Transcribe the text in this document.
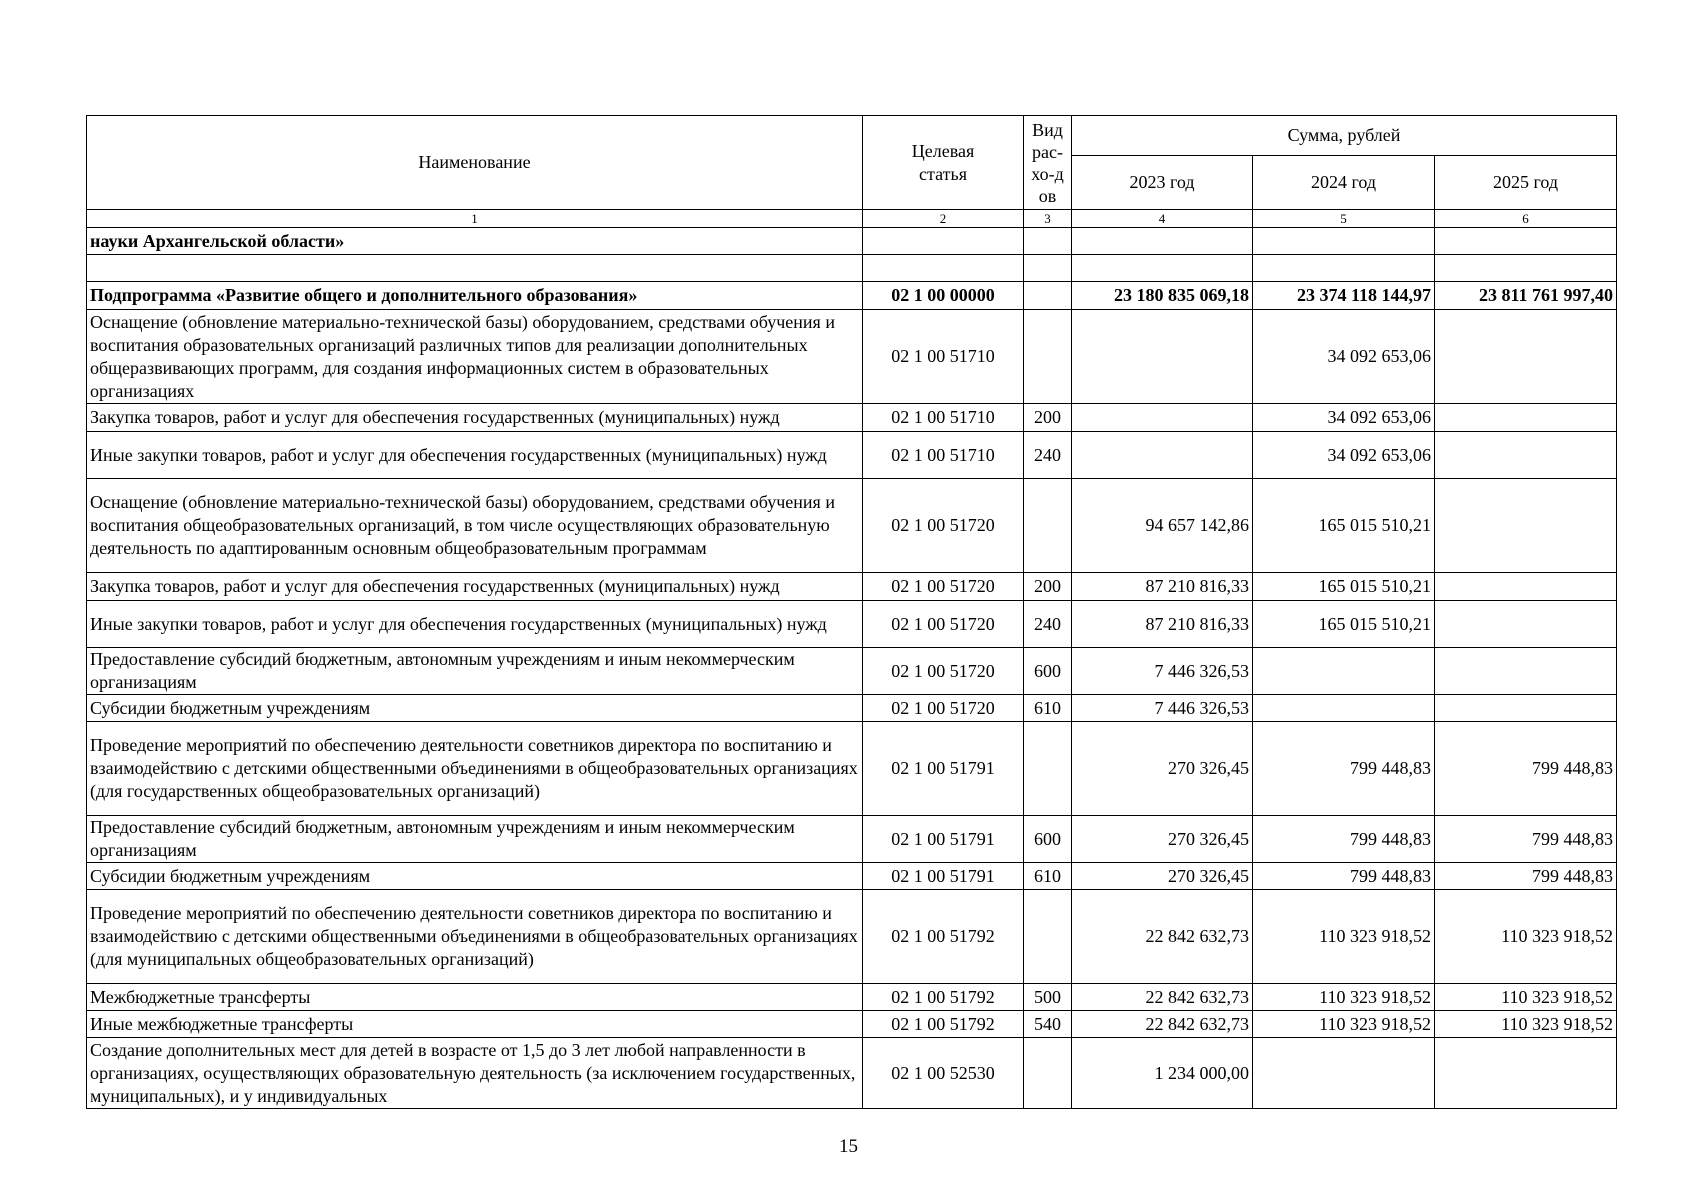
Наименование	Целевая статья	Вид рас-хо-дов	Сумма, рублей		
			2023 год	2024 год	2025 год
1	2	3	4	5	6
науки Архангельской области»					

Подпрограмма «Развитие общего и дополнительного образования»	02 1 00 00000		23 180 835 069,18	23 374 118 144,97	23 811 761 997,40
Оснащение (обновление материально-технической базы) оборудованием, средствами обучения и воспитания образовательных организаций различных типов для реализации дополнительных общеразвивающих программ, для создания информационных систем в образовательных организациях	02 1 00 51710			34 092 653,06	
Закупка товаров, работ и услуг для обеспечения государственных (муниципальных) нужд	02 1 00 51710	200		34 092 653,06	
Иные закупки товаров, работ и услуг для обеспечения государственных (муниципальных) нужд	02 1 00 51710	240		34 092 653,06	
Оснащение (обновление материально-технической базы) оборудованием, средствами обучения и воспитания общеобразовательных организаций, в том числе осуществляющих образовательную деятельность по адаптированным основным общеобразовательным программам	02 1 00 51720		94 657 142,86	165 015 510,21	
Закупка товаров, работ и услуг для обеспечения государственных (муниципальных) нужд	02 1 00 51720	200	87 210 816,33	165 015 510,21	
Иные закупки товаров, работ и услуг для обеспечения государственных (муниципальных) нужд	02 1 00 51720	240	87 210 816,33	165 015 510,21	
Предоставление субсидий бюджетным, автономным учреждениям и иным некоммерческим организациям	02 1 00 51720	600	7 446 326,53		
Субсидии бюджетным учреждениям	02 1 00 51720	610	7 446 326,53		
Проведение мероприятий по обеспечению деятельности советников директора по воспитанию и взаимодействию с детскими общественными объединениями в общеобразовательных организациях (для государственных общеобразовательных организаций)	02 1 00 51791		270 326,45	799 448,83	799 448,83
Предоставление субсидий бюджетным, автономным учреждениям и иным некоммерческим организациям	02 1 00 51791	600	270 326,45	799 448,83	799 448,83
Субсидии бюджетным учреждениям	02 1 00 51791	610	270 326,45	799 448,83	799 448,83
Проведение мероприятий по обеспечению деятельности советников директора по воспитанию и взаимодействию с детскими общественными объединениями в общеобразовательных организациях (для муниципальных общеобразовательных организаций)	02 1 00 51792		22 842 632,73	110 323 918,52	110 323 918,52
Межбюджетные трансферты	02 1 00 51792	500	22 842 632,73	110 323 918,52	110 323 918,52
Иные межбюджетные трансферты	02 1 00 51792	540	22 842 632,73	110 323 918,52	110 323 918,52
Создание дополнительных мест для детей в возрасте от 1,5 до 3 лет любой направленности в организациях, осуществляющих образовательную деятельность (за исключением государственных, муниципальных), и у индивидуальных	02 1 00 52530		1 234 000,00		
15
